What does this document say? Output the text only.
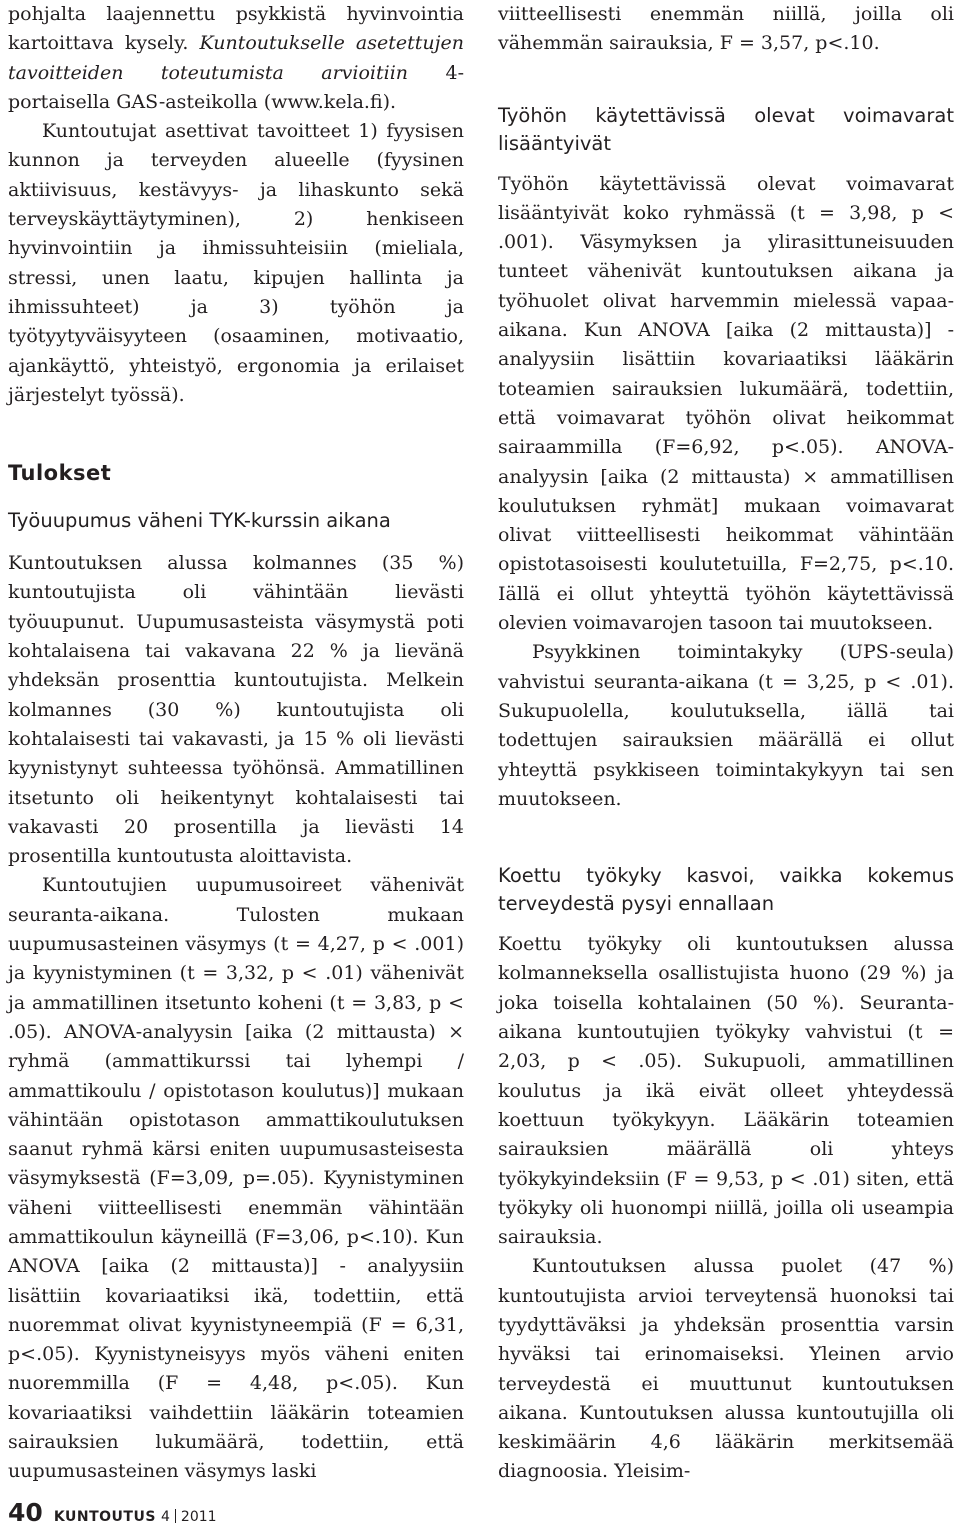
pohjalta laajennettu psykkistä hyvinvointia kartoittava kysely. Kuntoutukselle asetettujen tavoitteiden toteutumista arvioitiin 4-portaisella GAS-asteikolla (www.kela.fi).

Kuntoutujat asettivat tavoitteet 1) fyysisen kunnon ja terveyden alueelle (fyysinen aktiivisuus, kestävyys- ja lihaskunto sekä terveyskäyttäytyminen), 2) henkiseen hyvinvointiin ja ihmissuhteisiin (mieliala, stressi, unen laatu, kipujen hallinta ja ihmissuhteet) ja 3) työhön ja työtyytyväisyyteen (osaaminen, motivaatio, ajankäyttö, yhteistyö, ergonomia ja erilaiset järjestelyt työssä).

Tulokset
Työuupumus väheni TYK-kurssin aikana

Kuntoutuksen alussa kolmannes (35 %) kuntoutujista oli vähintään lievästi työuupunut. Uupumusasteista väsymystä poti kohtalaisena tai vakavana 22 % ja lievänä yhdeksän prosenttia kuntoutujista. Melkein kolmannes (30 %) kuntoutujista oli kohtalaisesti tai vakavasti, ja 15 % oli lievästi kyynistynyt suhteessa työhönsä. Ammatillinen itsetunto oli heikentynyt kohtalaisesti tai vakavasti 20 prosentilla ja lievästi 14 prosentilla kuntoutusta aloittavista.

Kuntoutujien uupumusoireet vähenivät seuranta-aikana. Tulosten mukaan uupumusasteinen väsymys (t = 4,27, p < .001) ja kyynistyminen (t = 3,32, p < .01) vähenivät ja ammatillinen itsetunto koheni (t = 3,83, p < .05). ANOVA-analyysin [aika (2 mittausta) × ryhmä (ammattikurssi tai lyhempi / ammattikoulu / opistotason koulutus)] mukaan vähintään opistotason ammattikoulutuksen saanut ryhmä kärsi eniten uupumusasteisesta väsymyksestä (F=3,09, p=.05). Kyynistyminen väheni viitteellisesti enemmän vähintään ammattikoulun käyneillä (F=3,06, p<.10). Kun ANOVA [aika (2 mittausta)] - analyysiin lisättiin kovariaatiksi ikä, todettiin, että nuoremmat olivat kyynistyneempiä (F = 6,31, p<.05). Kyynistyneisyys myös väheni eniten nuoremmilla (F = 4,48, p<.05). Kun kovariaatiksi vaihdettiin lääkärin toteamien sairauksien lukumäärä, todettiin, että uupumusasteinen väsymys laski

viitteellisesti enemmän niillä, joilla oli vähemmän sairauksia, F = 3,57, p<.10.

Työhön käytettävissä olevat voimavarat lisääntyivät

Työhön käytettävissä olevat voimavarat lisääntyivät koko ryhmässä (t = 3,98, p < .001). Väsymyksen ja ylirasittuneisuuden tunteet vähenivät kuntoutuksen aikana ja työhuolet olivat harvemmin mielessä vapaa-aikana. Kun ANOVA [aika (2 mittausta)] -analyysiin lisättiin kovariaatiksi lääkärin toteamien sairauksien lukumäärä, todettiin, että voimavarat työhön olivat heikommat sairaammilla (F=6,92, p<.05). ANOVA-analyysin [aika (2 mittausta) × ammatillisen koulutuksen ryhmät] mukaan voimavarat olivat viitteellisesti heikommat vähintään opistotasoisesti koulutetuilla, F=2,75, p<.10. Iällä ei ollut yhteyttä työhön käytettävissä olevien voimavarojen tasoon tai muutokseen.

Psyykkinen toimintakyky (UPS-seula) vahvistui seuranta-aikana (t = 3,25, p < .01). Sukupuolella, koulutuksella, iällä tai todettujen sairauksien määrällä ei ollut yhteyttä psykkiseen toimintakykyyn tai sen muutokseen.

Koettu työkyky kasvoi, vaikka kokemus terveydestä pysyi ennallaan

Koettu työkyky oli kuntoutuksen alussa kolmanneksella osallistujista huono (29 %) ja joka toisella kohtalainen (50 %). Seuranta-aikana kuntoutujien työkyky vahvistui (t = 2,03, p < .05). Sukupuoli, ammatillinen koulutus ja ikä eivät olleet yhteydessä koettuun työkykyyn. Lääkärin toteamien sairauksien määrällä oli yhteys työkykyindeksiin (F = 9,53, p < .01) siten, että työkyky oli huonompi niillä, joilla oli useampia sairauksia.

Kuntoutuksen alussa puolet (47 %) kuntoutujista arvioi terveytensä huonoksi tai tyydyttäväksi ja yhdeksän prosenttia varsin hyväksi tai erinomaiseksi. Yleinen arvio terveydestä ei muuttunut kuntoutuksen aikana. Kuntoutuksen alussa kuntoutujilla oli keskimäärin 4,6 lääkärin merkitsemää diagnoosia. Yleisim-

40 KUNTOUTUS 4 2011
